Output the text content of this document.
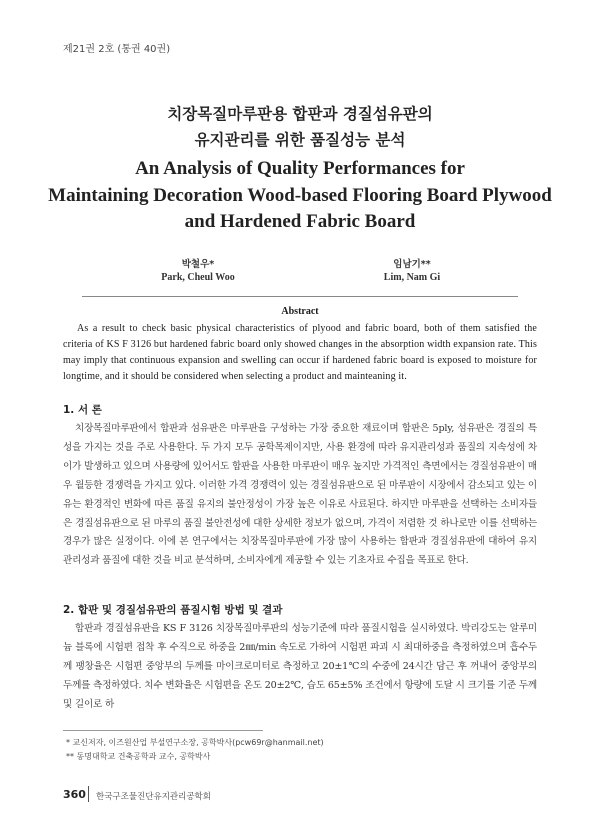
제21권 2호 (통권 40권)
치장목질마루판용 합판과 경질섬유판의
유지관리를 위한 품질성능 분석
An Analysis of Quality Performances for
Maintaining Decoration Wood-based Flooring Board Plywood
and Hardened Fabric Board
박철우*
Park, Cheul Woo
임남기**
Lim, Nam Gi
Abstract
As a result to check basic physical characteristics of plyood and fabric board, both of them satisfied the criteria of KS F 3126 but hardened fabric board only showed changes in the absorption width expansion rate. This may imply that continuous expansion and swelling can occur if hardened fabric board is exposed to moisture for longtime, and it should be considered when selecting a product and mainteaning it.
1. 서 론
치장목질마루판에서 합판과 섬유판은 마루판을 구성하는 가장 중요한 재료이며 합판은 5ply, 섬유판은 경질의 특성을 가지는 것을 주로 사용한다. 두 가지 모두 공학목제이지만, 사용 환경에 따라 유지관리성과 품질의 지속성에 차이가 발생하고 있으며 사용량에 있어서도 합판을 사용한 마루판이 매우 높지만 가격적인 측면에서는 경질섬유판이 매우 월등한 경쟁력을 가지고 있다. 이러한 가격 경쟁력이 있는 경질섬유판으로 된 마루판이 시장에서 감소되고 있는 이유는 환경적인 변화에 따른 품질 유지의 불안정성이 가장 높은 이유로 사료된다. 하지만 마루판을 선택하는 소비자들은 경질섬유판으로 된 마루의 품질 불안전성에 대한 상세한 정보가 없으며, 가격이 저렴한 것 하나로만 이를 선택하는 경우가 많은 실정이다. 이에 본 연구에서는 치장목질마루판에 가장 많이 사용하는 합판과 경질섬유판에 대하여 유지관리성과 품질에 대한 것을 비교 분석하며, 소비자에게 제공할 수 있는 기초자료 수집을 목표로 한다.
2. 합판 및 경질섬유판의 품질시험 방법 및 결과
합판과 경질섬유판을 KS F 3126 치장목질마루판의 성능기준에 따라 품질시험을 실시하였다. 박리강도는 알루미늄 블록에 시험편 접착 후 수직으로 하중을 2㎜/min 속도로 가하여 시험편 파괴 시 최대하중을 측정하였으며 흡수두께 팽창율은 시험편 중앙부의 두께를 마이크로미터로 측정하고 20±1℃의 수중에 24시간 담근 후 꺼내어 중앙부의 두께를 측정하였다. 치수 변화율은 시험편을 온도 20±2℃, 습도 65±5% 조건에서 항량에 도달 시 크기를 기준 두께 및 길이로 하
* 교신저자, 이즈원산업 부설연구소장, 공학박사(pcw69r@hanmail.net)
** 동명대학교 건축공학과 교수, 공학박사
360 한국구조물진단유지관리공학회
